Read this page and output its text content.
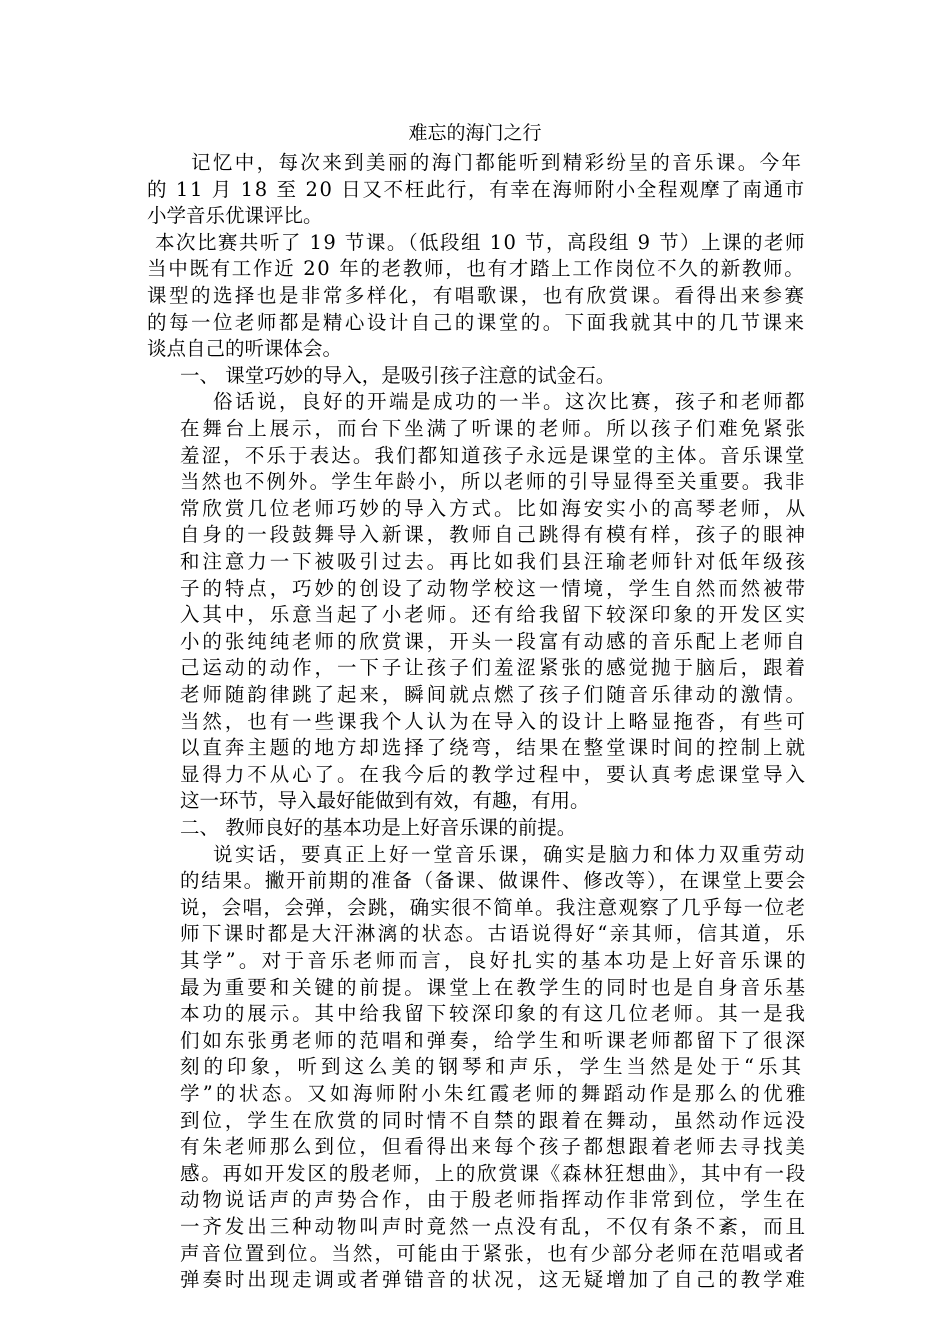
难忘的海门之行
记忆中，每次来到美丽的海门都能听到精彩纷呈的音乐课。今年
的 11 月 18 至 20 日又不枉此行，有幸在海师附小全程观摩了南通市
小学音乐优课评比。
本次比赛共听了 19 节课。（低段组 10 节，高段组 9 节）上课的老师
当中既有工作近 20 年的老教师，也有才踏上工作岗位不久的新教师。
课型的选择也是非常多样化，有唱歌课，也有欣赏课。看得出来参赛
的每一位老师都是精心设计自己的课堂的。下面我就其中的几节课来
谈点自己的听课体会。
一、 课堂巧妙的导入，是吸引孩子注意的试金石。
俗话说，良好的开端是成功的一半。这次比赛，孩子和老师都
在舞台上展示，而台下坐满了听课的老师。所以孩子们难免紧张
羞涩，不乐于表达。我们都知道孩子永远是课堂的主体。音乐课堂
当然也不例外。学生年龄小，所以老师的引导显得至关重要。我非
常欣赏几位老师巧妙的导入方式。比如海安实小的高琴老师，从
自身的一段鼓舞导入新课，教师自己跳得有模有样，孩子的眼神
和注意力一下被吸引过去。再比如我们县汪瑜老师针对低年级孩
子的特点，巧妙的创设了动物学校这一情境，学生自然而然被带
入其中，乐意当起了小老师。还有给我留下较深印象的开发区实
小的张纯纯老师的欣赏课，开头一段富有动感的音乐配上老师自
己运动的动作，一下子让孩子们羞涩紧张的感觉抛于脑后，跟着
老师随韵律跳了起来，瞬间就点燃了孩子们随音乐律动的激情。
当然，也有一些课我个人认为在导入的设计上略显拖沓，有些可
以直奔主题的地方却选择了绕弯，结果在整堂课时间的控制上就
显得力不从心了。在我今后的教学过程中，要认真考虑课堂导入
这一环节，导入最好能做到有效，有趣，有用。
二、 教师良好的基本功是上好音乐课的前提。
说实话，要真正上好一堂音乐课，确实是脑力和体力双重劳动
的结果。撇开前期的准备（备课、做课件、修改等），在课堂上要会
说，会唱，会弹，会跳，确实很不简单。我注意观察了几乎每一位老
师下课时都是大汗淋漓的状态。古语说得好“亲其师，信其道，乐
其学”。对于音乐老师而言，良好扎实的基本功是上好音乐课的
最为重要和关键的前提。课堂上在教学生的同时也是自身音乐基
本功的展示。其中给我留下较深印象的有这几位老师。其一是我
们如东张勇老师的范唱和弹奏，给学生和听课老师都留下了很深
刻的印象，听到这么美的钢琴和声乐，学生当然是处于“乐其
学”的状态。又如海师附小朱红霞老师的舞蹈动作是那么的优雅
到位，学生在欣赏的同时情不自禁的跟着在舞动，虽然动作远没
有朱老师那么到位，但看得出来每个孩子都想跟着老师去寻找美
感。再如开发区的殷老师，上的欣赏课《森林狂想曲》，其中有一段
动物说话声的声势合作，由于殷老师指挥动作非常到位，学生在
一齐发出三种动物叫声时竟然一点没有乱，不仅有条不紊，而且
声音位置到位。当然，可能由于紧张，也有少部分老师在范唱或者
弹奏时出现走调或者弹错音的状况，这无疑增加了自己的教学难
